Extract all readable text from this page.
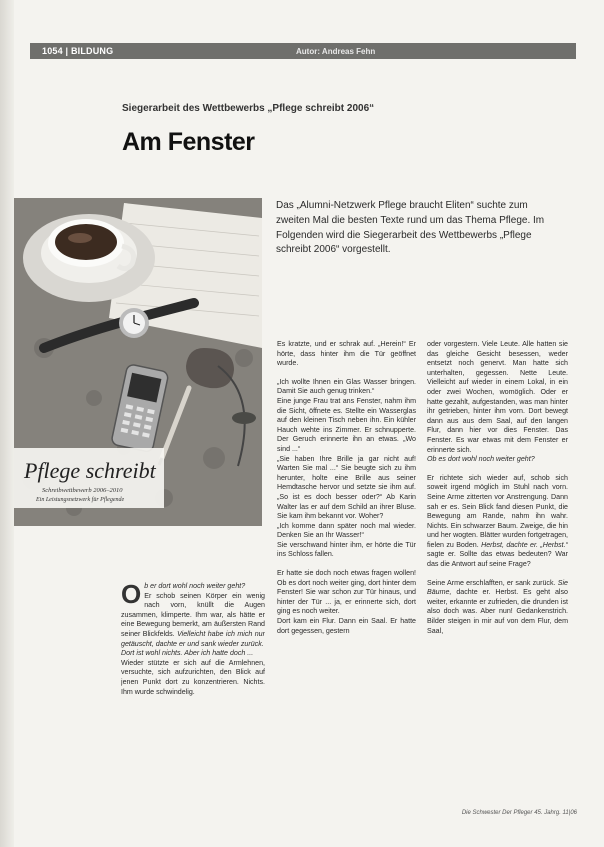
1054 | BILDUNG	Autor: Andreas Fehn
Siegerarbeit des Wettbewerbs „Pflege schreibt 2006“
Am Fenster
Pflege schreibt
Schreibwettbewerb 2006–2010
Ein Leistungsnetzwerk für Pflegende
Das „Alumni-Netzwerk Pflege braucht Eliten“ suchte zum zweiten Mal die besten Texte rund um das Thema Pflege. Im Folgenden wird die Siegerarbeit des Wettbewerbs „Pflege schreibt 2006“ vorgestellt.

Ob er dort wohl noch weiter geht?

Er schob seinen Körper ein wenig nach vorn, knüllt die Augen zusammen, klimperte. Ihm war, als hätte er eine Bewegung bemerkt, am äußersten Rand seiner Blickfelds. Vielleicht habe ich mich nur getäuscht, dachte er und sank wieder zurück.

Dort ist wohl nichts. Aber ich hatte doch ...

Wieder stützte er sich auf die Armlehnen, versuchte, sich aufzurichten, den Blick auf jenen Punkt dort zu konzentrieren. Nichts. Ihm wurde schwindelig.

Es kratzte, und er schrak auf. „Herein!“ Er hörte, dass hinter ihm die Tür geöffnet wurde.

„Ich wollte Ihnen ein Glas Wasser bringen. Damit Sie auch genug trinken.“

Eine junge Frau trat ans Fenster, nahm ihm die Sicht, öffnete es. Stellte ein Wasserglas auf den kleinen Tisch neben ihn. Ein kühler Hauch wehte ins Zimmer. Er schnupperte. Der Geruch erinnerte ihn an etwas. „Wo sind ...“

„Sie haben Ihre Brille ja gar nicht auf! Warten Sie mal ...“ Sie beugte sich zu ihm herunter, holte eine Brille aus seiner Hemdtasche hervor und setzte sie ihm auf. „So ist es doch besser oder?“ Ab Karin Walter las er auf dem Schild an ihrer Bluse. Sie kam ihm bekannt vor. Woher?

„Ich komme dann später noch mal wieder. Denken Sie an Ihr Wasser!“

Sie verschwand hinter ihm, er hörte die Tür ins Schloss fallen.

Er hatte sie doch noch etwas fragen wollen! Ob es dort noch weiter ging, dort hinter dem Fenster! Sie war schon zur Tür hinaus, und hinter der Tür ... ja, er erinnerte sich, dort ging es noch weiter.

Dort kam ein Flur. Dann ein Saal. Er hatte dort gegessen, gestern

oder vorgestern. Viele Leute. Alle hatten sie das gleiche Gesicht besessen, weder entsetzt noch genervt. Man hatte sich unterhalten, gegessen. Nette Leute. Vielleicht auf wieder in einem Lokal, in ein oder zwei Wochen, womöglich. Oder er hatte gezahlt, aufgestanden, was man hinter ihr getrieben, hinter ihm vorn. Dort bewegt dann aus aus dem Saal, auf den langen Flur, dann hier vor dies Fenster. Das Fenster. Es war etwas mit dem Fenster er erinnerte sich.

Ob es dort wohl noch weiter geht?

Er richtete sich wieder auf, schob sich soweit irgend möglich im Stuhl nach vorn. Seine Arme zitterten vor Anstrengung. Dann sah er es. Sein Blick fand diesen Punkt, die Bewegung am Rande, nahm ihn wahr. Nichts. Ein schwarzer Baum. Zweige, die hin und her wogten. Blätter wurden fortgetragen, fielen zu Boden. Herbst, dachte er. „Herbst.“ sagte er. Sollte das etwas bedeuten? War das die Antwort auf seine Frage?

Seine Arme erschlafften, er sank zurück. Sie Bäume, dachte er. Herbst. Es geht also weiter, erkannte er zufrieden, die drunden ist also doch was. Aber nun! Gedankenstrich. Bilder steigen in mir auf von dem Flur, dem Saal,

Die Schwester Der Pfleger 45. Jahrg. 11|06
